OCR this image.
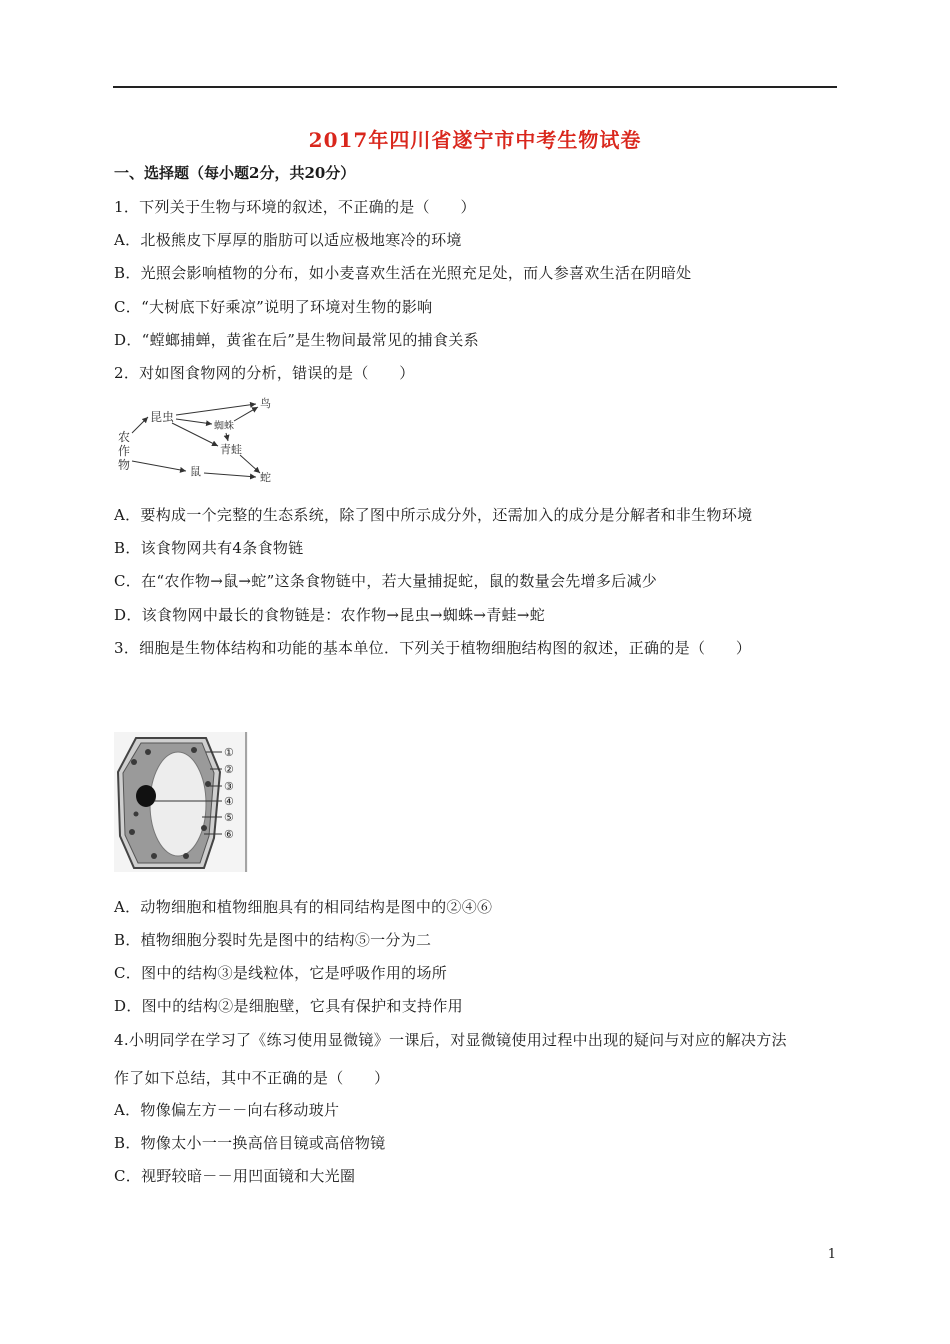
2017年四川省遂宁市中考生物试卷
一、选择题（每小题2分，共20分）
1．下列关于生物与环境的叙述，不正确的是（　　）
A．北极熊皮下厚厚的脂肪可以适应极地寒冷的环境
B．光照会影响植物的分布，如小麦喜欢生活在光照充足处，而人参喜欢生活在阴暗处
C．“大树底下好乘凉”说明了环境对生物的影响
D．“螳螂捕蝉，黄雀在后”是生物间最常见的捕食关系
2．对如图食物网的分析，错误的是（　　）
农
作
物
昆虫
鸟
蜘蛛
青蛙
鼠	蛇
A．要构成一个完整的生态系统，除了图中所示成分外，还需加入的成分是分解者和非生物环境
B．该食物网共有4条食物链
C．在“农作物→鼠→蛇”这条食物链中，若大量捕捉蛇，鼠的数量会先增多后减少
D．该食物网中最长的食物链是：农作物→昆虫→蜘蛛→青蛙→蛇
3．细胞是生物体结构和功能的基本单位．下列关于植物细胞结构图的叙述，正确的是（　　）
①
②
③
④
⑤
⑥
A．动物细胞和植物细胞具有的相同结构是图中的②④⑥
B．植物细胞分裂时先是图中的结构⑤一分为二
C．图中的结构③是线粒体，它是呼吸作用的场所
D．图中的结构②是细胞壁，它具有保护和支持作用
4.小明同学在学习了《练习使用显微镜》一课后，对显微镜使用过程中出现的疑问与对应的解决方法
作了如下总结，其中不正确的是（　　）
A．物像偏左方－－向右移动玻片
B．物像太小一一换高倍目镜或高倍物镜
C．视野较暗－－用凹面镜和大光圈
1
